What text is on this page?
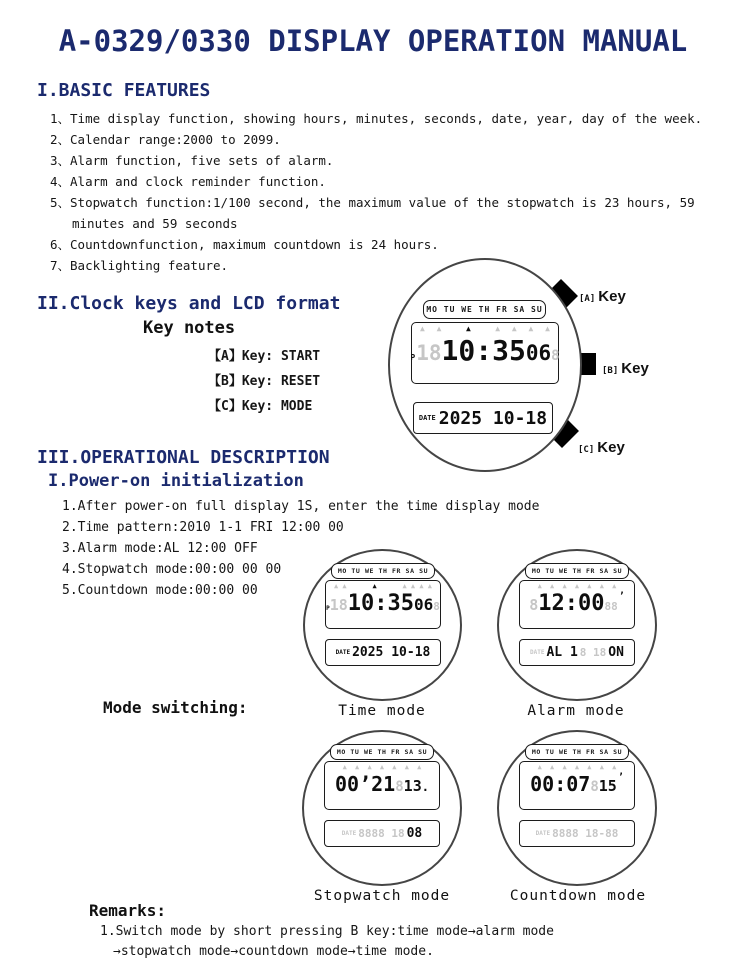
A-0329/0330 DISPLAY OPERATION MANUAL
I.BASIC FEATURES
1、Time display function, showing hours, minutes, seconds, date, year, day of the week.
2、Calendar range:2000 to 2099.
3、Alarm function, five sets of alarm.
4、Alarm and clock reminder function.
5、Stopwatch function:1/100 second, the maximum value of the stopwatch is 23 hours, 59
minutes and 59 seconds
6、Countdownfunction, maximum countdown is 24 hours.
7、Backlighting feature.
II.Clock keys and LCD format
Key notes
【A】Key: START
【B】Key: RESET
【C】Key: MODE
[A] Key
[B] Key
[C] Key
MO TU WE TH FR SA SU
▲ ▲	▲	▲ ▲ ▲ ▲
P 18 10:35 06 8
DATE 2025 10-18
III.OPERATIONAL DESCRIPTION
I.Power-on initialization
1.After power-on full display 1S, enter the time display mode
2.Time pattern:2010 1-1 FRI 12:00 00
3.Alarm mode:AL 12:00 OFF
4.Stopwatch mode:00:00 00 00
5.Countdown mode:00:00 00
Mode switching:
MO TU WE TH FR SA SU
▲ ▲	▲	▲ ▲ ▲ ▲
P 18 10:35 06 8
DATE 2025 10-18
Time mode
MO TU WE TH FR SA SU
▲ ▲ ▲ ▲ ▲ ▲ ▲
8 12:00 88
’
DATE AL 1 8 18 ON
Alarm mode
MO TU WE TH FR SA SU
▲ ▲ ▲ ▲ ▲ ▲ ▲
00’21 8 13 .
DATE 8888 18 08
Stopwatch mode
MO TU WE TH FR SA SU
▲ ▲ ▲ ▲ ▲ ▲ ▲
00:07 8 15 ’
DATE 8888 18-88
Countdown mode
Remarks:
1.Switch mode by short pressing B key:time mode→alarm mode
→stopwatch mode→countdown mode→time mode.
